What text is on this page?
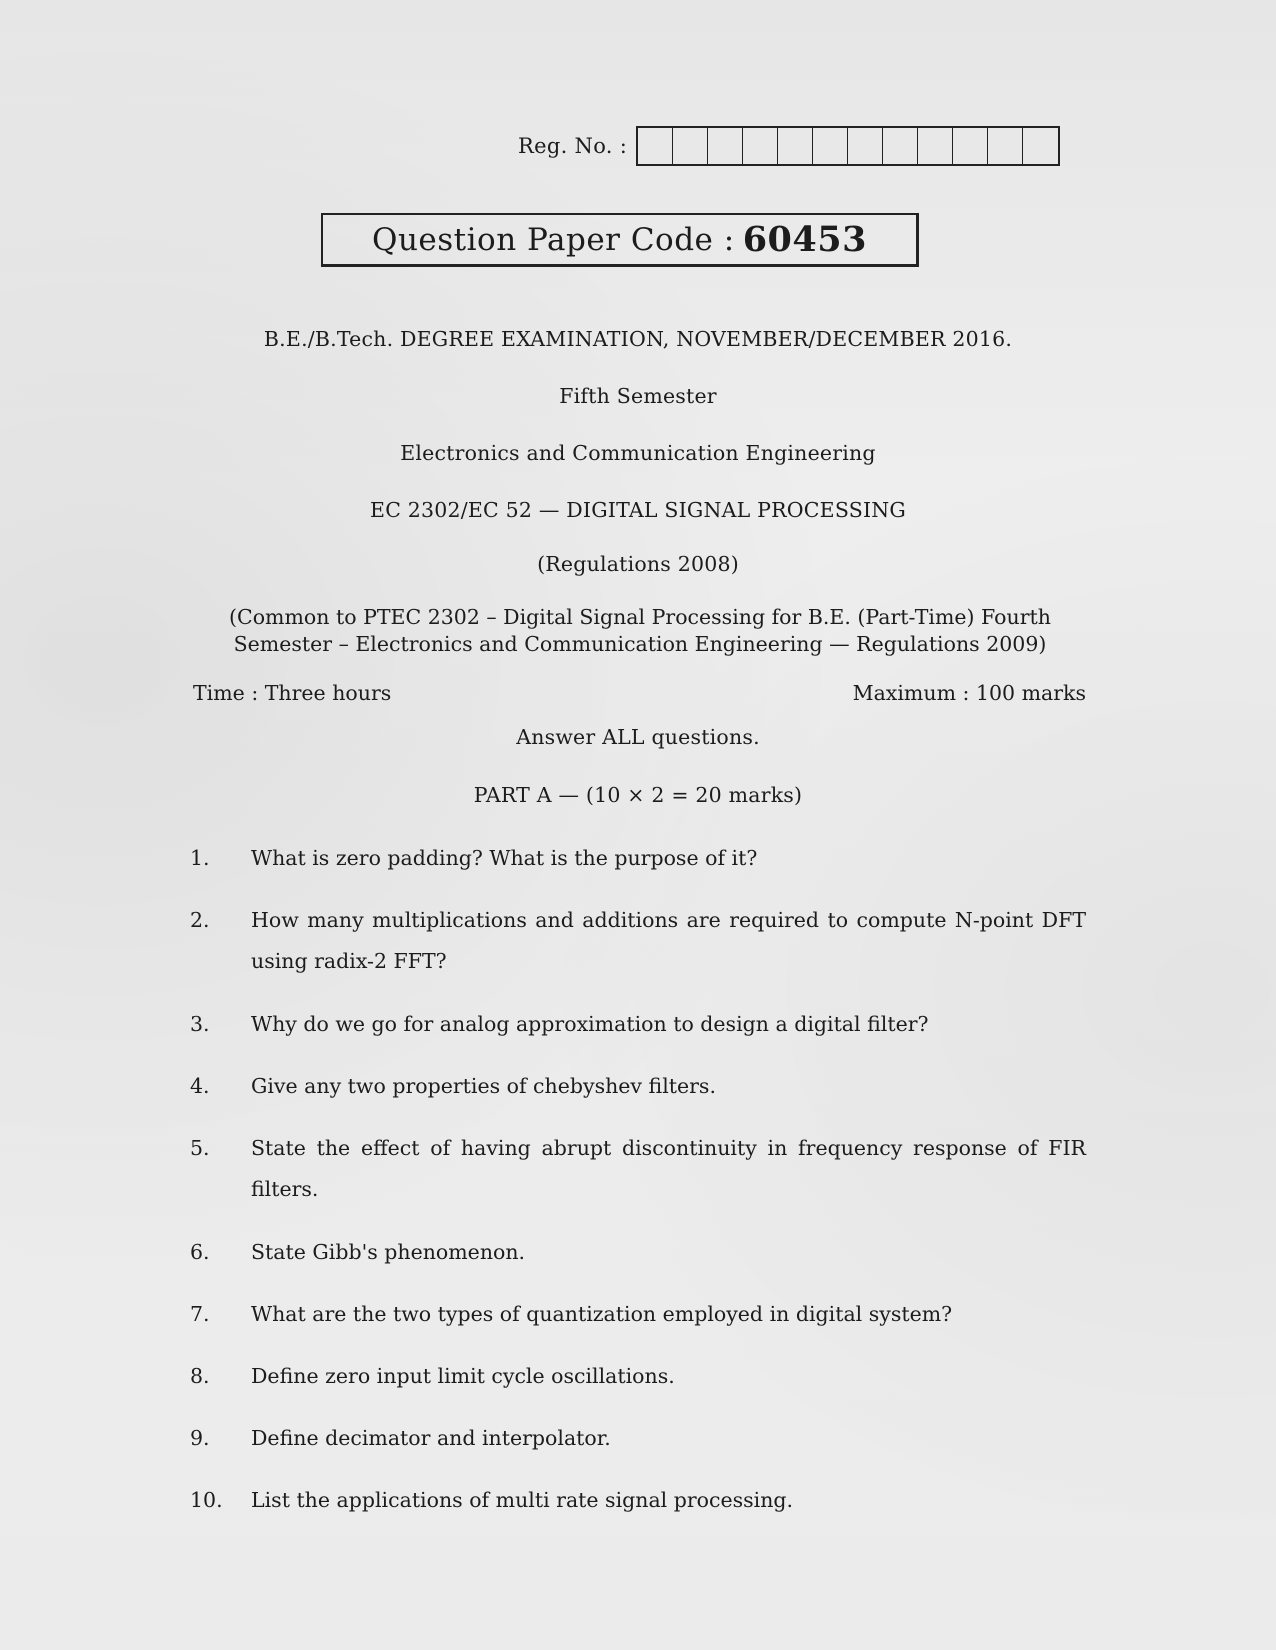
Reg. No. :
Question Paper Code : 60453
B.E./B.Tech. DEGREE EXAMINATION, NOVEMBER/DECEMBER 2016.
Fifth Semester
Electronics and Communication Engineering
EC 2302/EC 52 — DIGITAL SIGNAL PROCESSING
(Regulations 2008)
(Common to PTEC 2302 – Digital Signal Processing for B.E. (Part-Time) Fourth
Semester – Electronics and Communication Engineering — Regulations 2009)
Time : Three hours	Maximum : 100 marks
Answer ALL questions.
PART A — (10 × 2 = 20 marks)
1.	What is zero padding? What is the purpose of it?
2.	How many multiplications and additions are required to compute N-point DFT using radix-2 FFT?
3.	Why do we go for analog approximation to design a digital filter?
4.	Give any two properties of chebyshev filters.
5.	State the effect of having abrupt discontinuity in frequency response of FIR filters.
6.	State Gibb's phenomenon.
7.	What are the two types of quantization employed in digital system?
8.	Define zero input limit cycle oscillations.
9.	Define decimator and interpolator.
10.	List the applications of multi rate signal processing.
